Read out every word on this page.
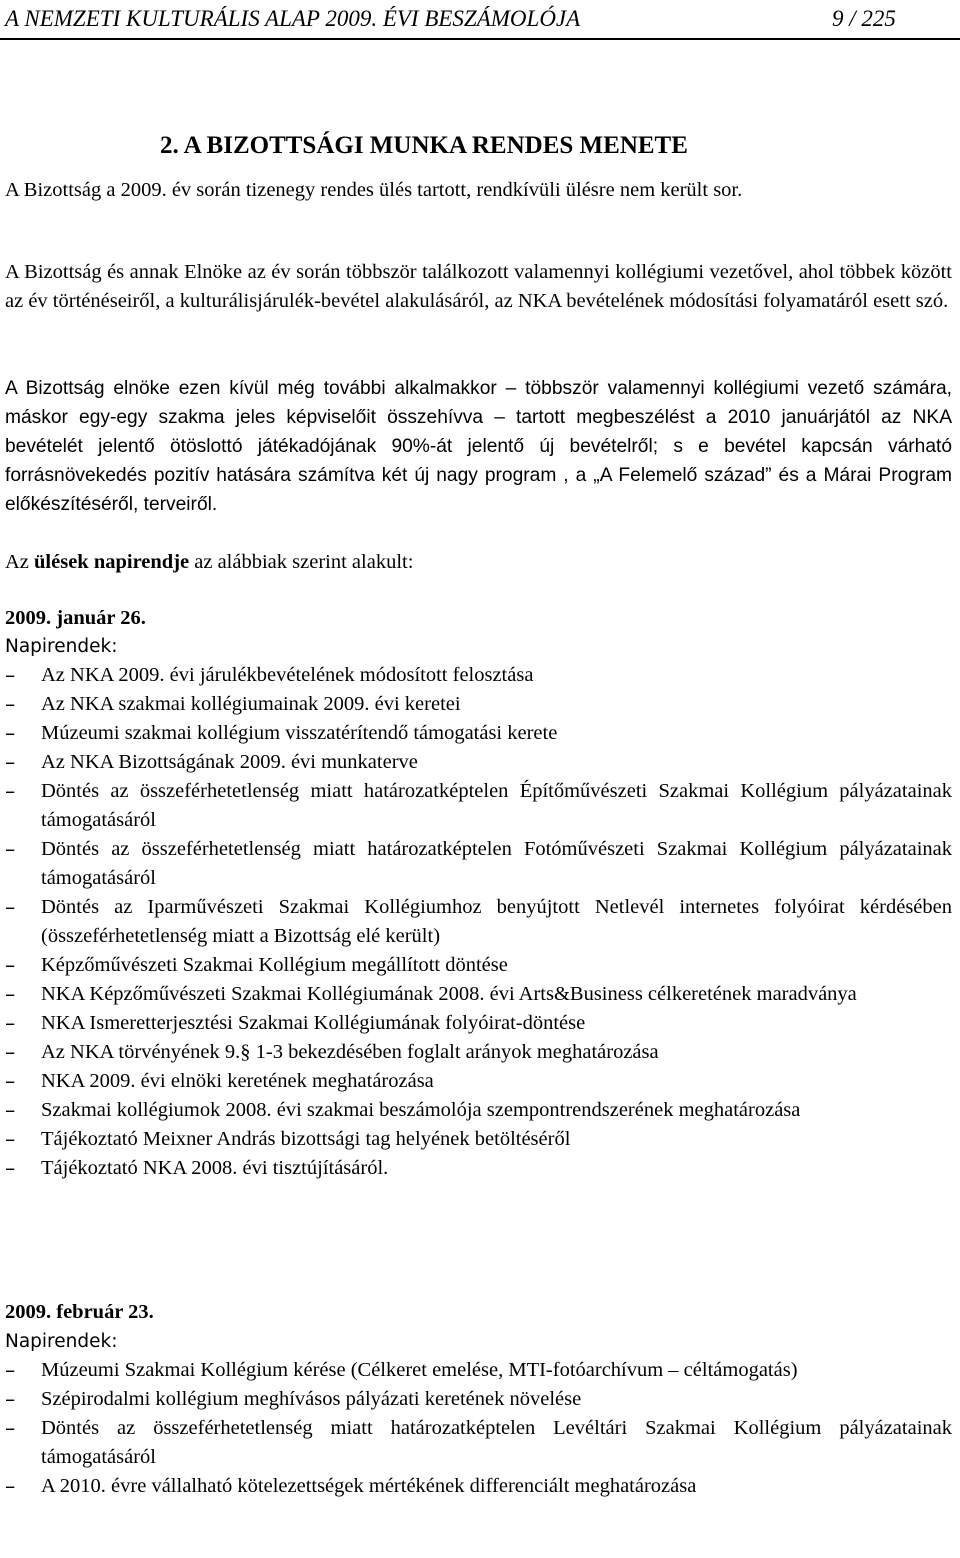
A NEMZETI KULTURÁLIS ALAP 2009. ÉVI BESZÁMOLÓJA	9 / 225
2. A BIZOTTSÁGI MUNKA RENDES MENETE
A Bizottság a 2009. év során tizenegy rendes ülés tartott, rendkívüli ülésre nem került sor.
A Bizottság és annak Elnöke az év során többször találkozott valamennyi kollégiumi vezetővel, ahol többek között az év történéseiről, a kulturálisjárulék-bevétel alakulásáról, az NKA bevételének módosítási folyamatáról esett szó.
A Bizottság elnöke ezen kívül még további alkalmakkor – többször valamennyi kollégiumi vezető számára, máskor egy-egy szakma jeles képviselőit összehívva – tartott megbeszélést a 2010 januárjától az NKA bevételét jelentő ötöslottó játékadójának 90%-át jelentő új bevételről; s e bevétel kapcsán várható forrásnövekedés pozitív hatására számítva két új nagy program , a „A Felemelő század” és a Márai Program előkészítéséről, terveiről.
Az ülések napirendje az alábbiak szerint alakult:
2009. január 26.
Napirendek:
– Az NKA 2009. évi járulékbevételének módosított felosztása
– Az NKA szakmai kollégiumainak 2009. évi keretei
– Múzeumi szakmai kollégium visszatérítendő támogatási kerete
– Az NKA Bizottságának 2009. évi munkaterve
– Döntés az összeférhetetlenség miatt határozatképtelen Építőművészeti Szakmai Kollégium pályázatainak támogatásáról
– Döntés az összeférhetetlenség miatt határozatképtelen Fotóművészeti Szakmai Kollégium pályázatainak támogatásáról
– Döntés az Iparművészeti Szakmai Kollégiumhoz benyújtott Netlevél internetes folyóirat kérdésében (összeférhetetlenség miatt a Bizottság elé került)
– Képzőművészeti Szakmai Kollégium megállított döntése
– NKA Képzőművészeti Szakmai Kollégiumának 2008. évi Arts&Business célkeretének maradványa
– NKA Ismeretterjesztési Szakmai Kollégiumának folyóirat-döntése
– Az NKA törvényének 9.§ 1-3 bekezdésében foglalt arányok meghatározása
– NKA 2009. évi elnöki keretének meghatározása
– Szakmai kollégiumok 2008. évi szakmai beszámolója szempontrendszerének meghatározása
– Tájékoztató Meixner András bizottsági tag helyének betöltéséről
– Tájékoztató NKA 2008. évi tisztújításáról.
2009. február 23.
Napirendek:
– Múzeumi Szakmai Kollégium kérése (Célkeret emelése, MTI-fotóarchívum – céltámogatás)
– Szépirodalmi kollégium meghívásos pályázati keretének növelése
– Döntés az összeférhetetlenség miatt határozatképtelen Levéltári Szakmai Kollégium pályázatainak támogatásáról
– A 2010. évre vállalható kötelezettségek mértékének differenciált meghatározása
